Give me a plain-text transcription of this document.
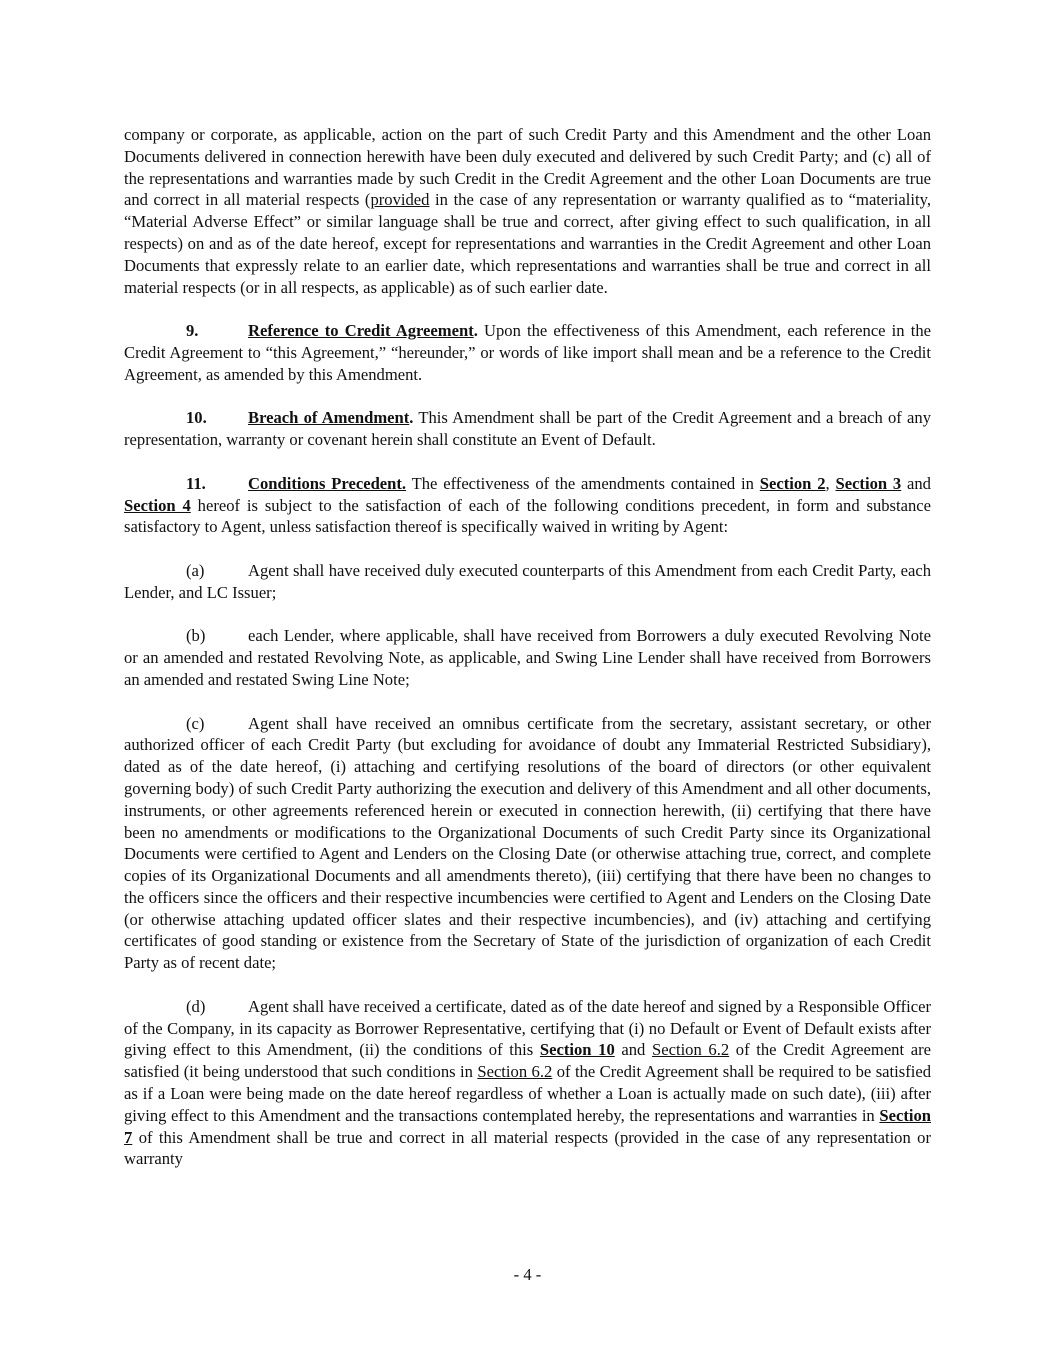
company or corporate, as applicable, action on the part of such Credit Party and this Amendment and the other Loan Documents delivered in connection herewith have been duly executed and delivered by such Credit Party; and (c) all of the representations and warranties made by such Credit in the Credit Agreement and the other Loan Documents are true and correct in all material respects (provided in the case of any representation or warranty qualified as to “materiality, “Material Adverse Effect” or similar language shall be true and correct, after giving effect to such qualification, in all respects) on and as of the date hereof, except for representations and warranties in the Credit Agreement and other Loan Documents that expressly relate to an earlier date, which representations and warranties shall be true and correct in all material respects (or in all respects, as applicable) as of such earlier date.

9.	Reference to Credit Agreement. Upon the effectiveness of this Amendment, each reference in the Credit Agreement to “this Agreement,” “hereunder,” or words of like import shall mean and be a reference to the Credit Agreement, as amended by this Amendment.

10. Breach of Amendment. This Amendment shall be part of the Credit Agreement and a breach of any representation, warranty or covenant herein shall constitute an Event of Default.

11.	Conditions Precedent. The effectiveness of the amendments contained in Section 2, Section 3 and Section 4 hereof is subject to the satisfaction of each of the following conditions precedent, in form and substance satisfactory to Agent, unless satisfaction thereof is specifically waived in writing by Agent:

(a)	Agent shall have received duly executed counterparts of this Amendment from each Credit Party, each Lender, and LC Issuer;

(b)	each Lender, where applicable, shall have received from Borrowers a duly executed Revolving Note or an amended and restated Revolving Note, as applicable, and Swing Line Lender shall have received from Borrowers an amended and restated Swing Line Note;

(c)	Agent shall have received an omnibus certificate from the secretary, assistant secretary, or other authorized officer of each Credit Party (but excluding for avoidance of doubt any Immaterial Restricted Subsidiary), dated as of the date hereof, (i) attaching and certifying resolutions of the board of directors (or other equivalent governing body) of such Credit Party authorizing the execution and delivery of this Amendment and all other documents, instruments, or other agreements referenced herein or executed in connection herewith, (ii) certifying that there have been no amendments or modifications to the Organizational Documents of such Credit Party since its Organizational Documents were certified to Agent and Lenders on the Closing Date (or otherwise attaching true, correct, and complete copies of its Organizational Documents and all amendments thereto), (iii) certifying that there have been no changes to the officers since the officers and their respective incumbencies were certified to Agent and Lenders on the Closing Date (or otherwise attaching updated officer slates and their respective incumbencies), and (iv) attaching and certifying certificates of good standing or existence from the Secretary of State of the jurisdiction of organization of each Credit Party as of recent date;

(d)	Agent shall have received a certificate, dated as of the date hereof and signed by a Responsible Officer of the Company, in its capacity as Borrower Representative, certifying that (i) no Default or Event of Default exists after giving effect to this Amendment, (ii) the conditions of this Section 10 and Section 6.2 of the Credit Agreement are satisfied (it being understood that such conditions in Section 6.2 of the Credit Agreement shall be required to be satisfied as if a Loan were being made on the date hereof regardless of whether a Loan is actually made on such date), (iii) after giving effect to this Amendment and the transactions contemplated hereby, the representations and warranties in Section 7 of this Amendment shall be true and correct in all material respects (provided in the case of any representation or warranty

- 4 -
